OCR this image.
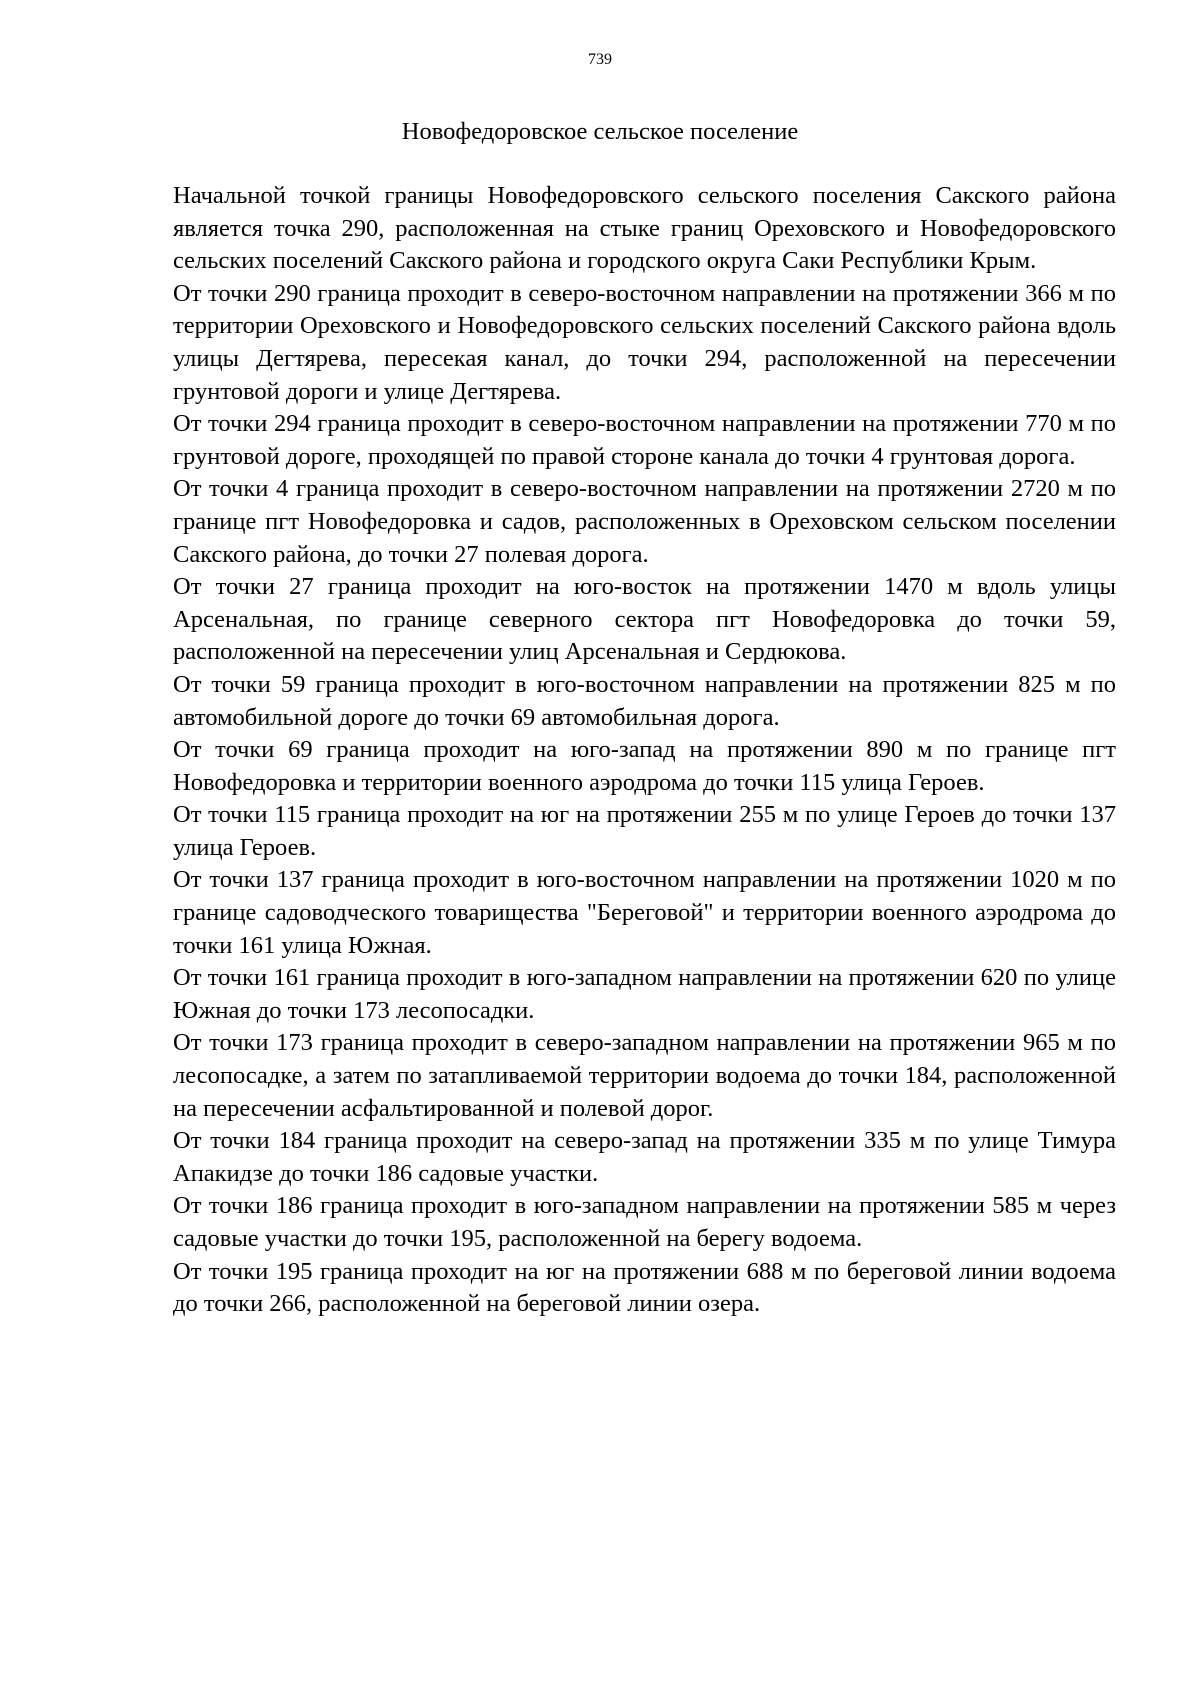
739
Новофедоровское сельское поселение

Начальной точкой границы Новофедоровского сельского поселения Сакского района является точка 290, расположенная на стыке границ Ореховского и Новофедоровского сельских поселений Сакского района и городского округа Саки Республики Крым.

От точки 290 граница проходит в северо-восточном направлении на протяжении 366 м по территории Ореховского и Новофедоровского сельских поселений Сакского района вдоль улицы Дегтярева, пересекая канал, до точки 294, расположенной на пересечении грунтовой дороги и улице Дегтярева.

От точки 294 граница проходит в северо-восточном направлении на протяжении 770 м по грунтовой дороге, проходящей по правой стороне канала до точки 4 грунтовая дорога.

От точки 4 граница проходит в северо-восточном направлении на протяжении 2720 м по границе пгт Новофедоровка и садов, расположенных в Ореховском сельском поселении Сакского района, до точки 27 полевая дорога.

От точки 27 граница проходит на юго-восток на протяжении 1470 м вдоль улицы Арсенальная, по границе северного сектора пгт Новофедоровка до точки 59, расположенной на пересечении улиц Арсенальная и Сердюкова.

От точки 59 граница проходит в юго-восточном направлении на протяжении 825 м по автомобильной дороге до точки 69 автомобильная дорога.

От точки 69 граница проходит на юго-запад на протяжении 890 м по границе пгт Новофедоровка и территории военного аэродрома до точки 115 улица Героев.

От точки 115 граница проходит на юг на протяжении 255 м по улице Героев до точки 137 улица Героев.

От точки 137 граница проходит в юго-восточном направлении на протяжении 1020 м по границе садоводческого товарищества "Береговой" и территории военного аэродрома до точки 161 улица Южная.

От точки 161 граница проходит в юго-западном направлении на протяжении 620 по улице Южная до точки 173 лесопосадки.

От точки 173 граница проходит в северо-западном направлении на протяжении 965 м по лесопосадке, а затем по затапливаемой территории водоема до точки 184, расположенной на пересечении асфальтированной и полевой дорог.

От точки 184 граница проходит на северо-запад на протяжении 335 м по улице Тимура Апакидзе до точки 186 садовые участки.

От точки 186 граница проходит в юго-западном направлении на протяжении 585 м через садовые участки до точки 195, расположенной на берегу водоема.

От точки 195 граница проходит на юг на протяжении 688 м по береговой линии водоема до точки 266, расположенной на береговой линии озера.
